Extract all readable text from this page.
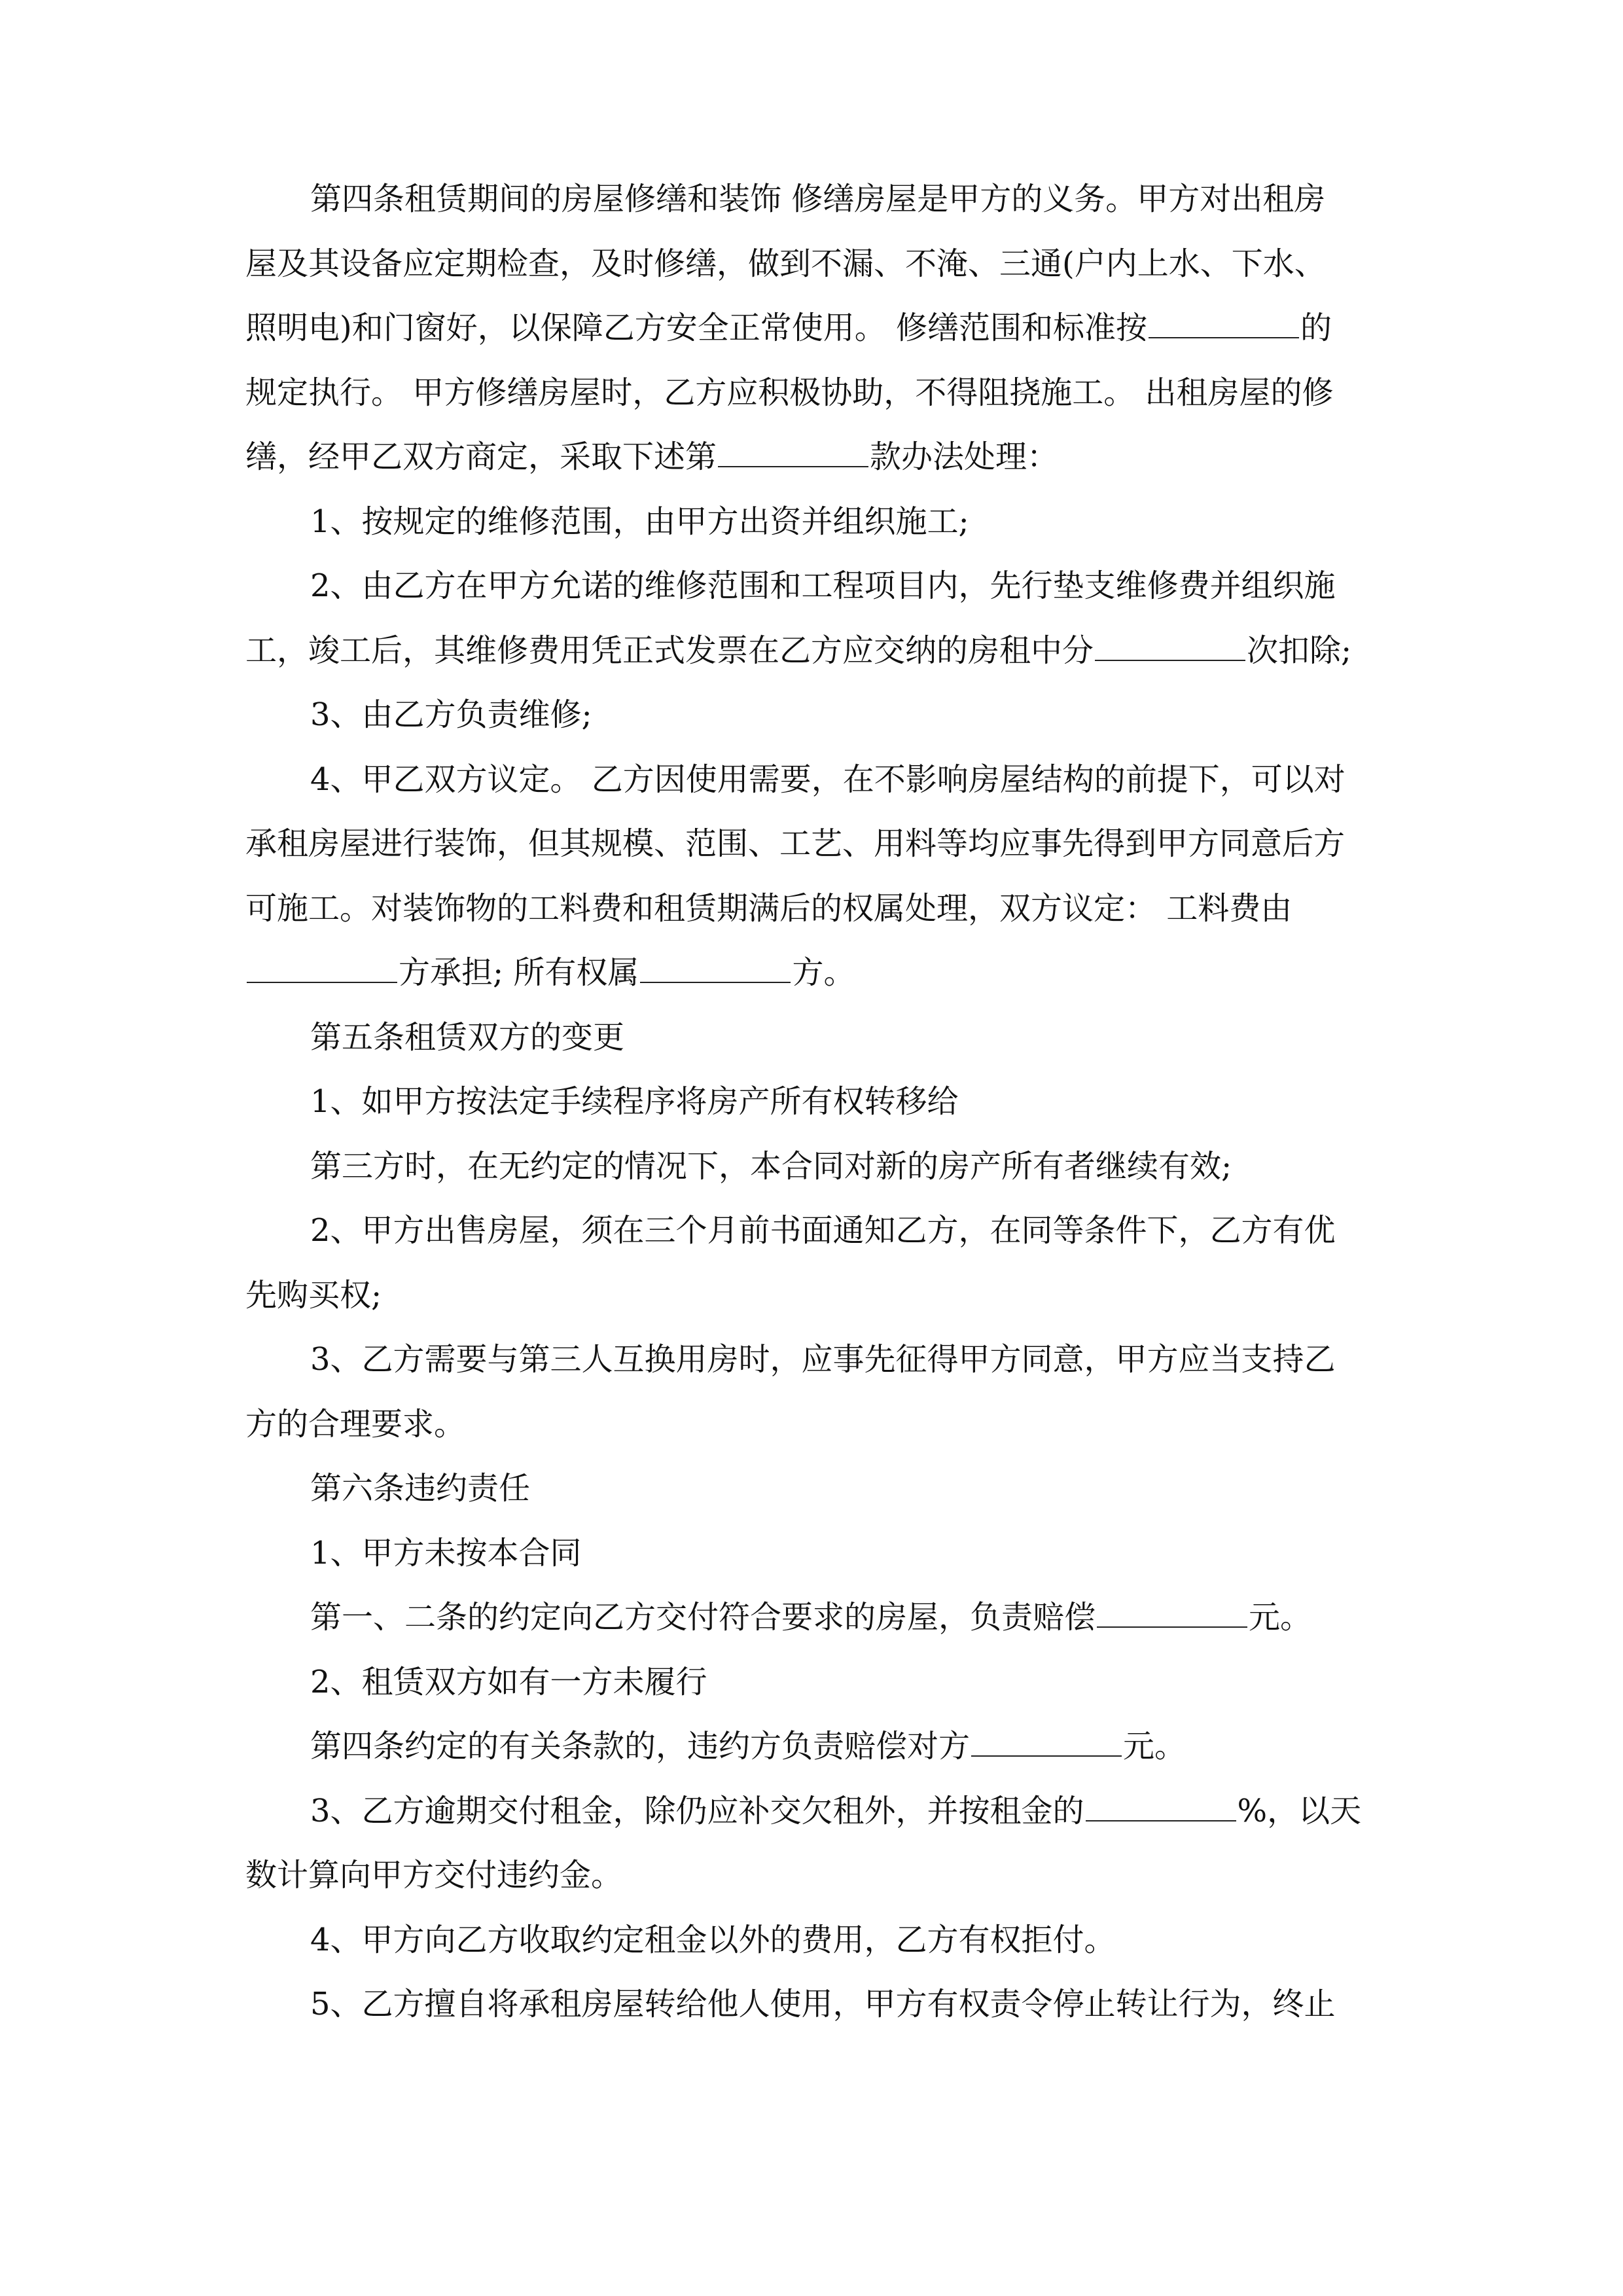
第四条租赁期间的房屋修缮和装饰 修缮房屋是甲方的义务。甲方对出租房
屋及其设备应定期检查，及时修缮，做到不漏、不淹、三通(户内上水、下水、
照明电)和门窗好，以保障乙方安全正常使用。 修缮范围和标准按	的
规定执行。 甲方修缮房屋时，乙方应积极协助，不得阻挠施工。 出租房屋的修
缮，经甲乙双方商定，采取下述第	款办法处理：
1、按规定的维修范围，由甲方出资并组织施工;
2、由乙方在甲方允诺的维修范围和工程项目内，先行垫支维修费并组织施
工，竣工后，其维修费用凭正式发票在乙方应交纳的房租中分	次扣除;
3、由乙方负责维修;
4、甲乙双方议定。 乙方因使用需要，在不影响房屋结构的前提下，可以对
承租房屋进行装饰，但其规模、范围、工艺、用料等均应事先得到甲方同意后方
可施工。对装饰物的工料费和租赁期满后的权属处理，双方议定： 工料费由
方承担; 所有权属	方。
第五条租赁双方的变更
1、如甲方按法定手续程序将房产所有权转移给
第三方时，在无约定的情况下，本合同对新的房产所有者继续有效;
2、甲方出售房屋，须在三个月前书面通知乙方，在同等条件下，乙方有优
先购买权;
3、乙方需要与第三人互换用房时，应事先征得甲方同意，甲方应当支持乙
方的合理要求。
第六条违约责任
1、甲方未按本合同
第一、二条的约定向乙方交付符合要求的房屋，负责赔偿	元。
2、租赁双方如有一方未履行
第四条约定的有关条款的，违约方负责赔偿对方	元。
3、乙方逾期交付租金，除仍应补交欠租外，并按租金的	%，以天
数计算向甲方交付违约金。
4、甲方向乙方收取约定租金以外的费用，乙方有权拒付。
5、乙方擅自将承租房屋转给他人使用，甲方有权责令停止转让行为，终止
